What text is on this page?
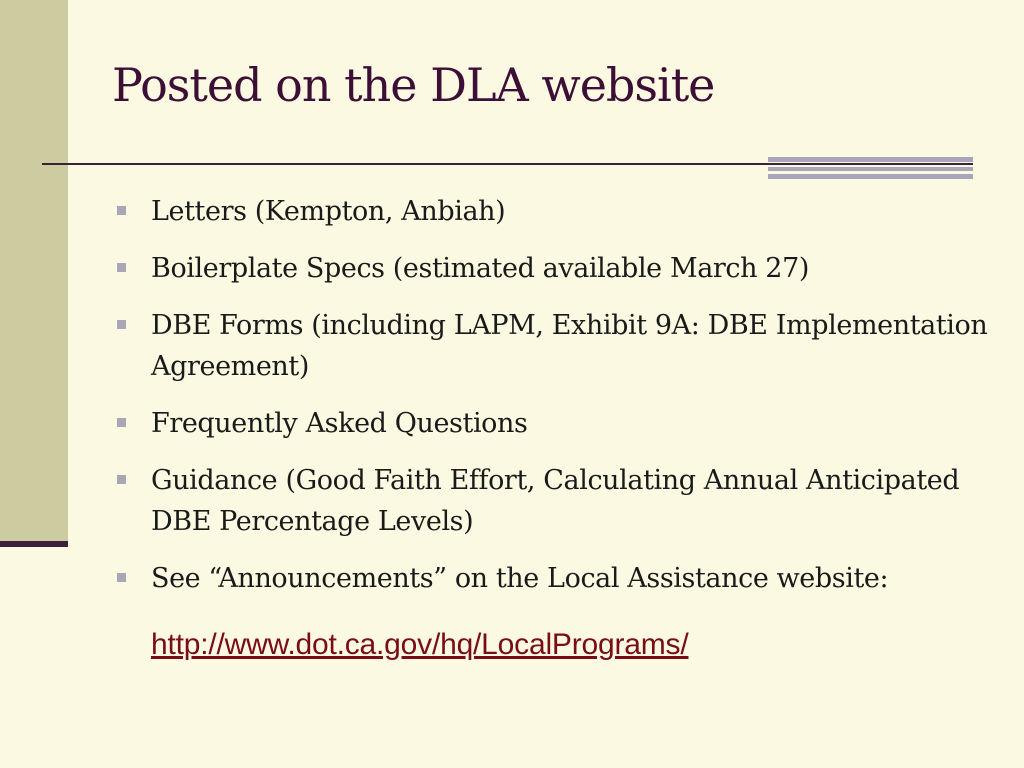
Posted on the DLA website
Letters (Kempton, Anbiah)
Boilerplate Specs (estimated available March 27)
DBE Forms (including LAPM, Exhibit 9A: DBE Implementation Agreement)
Frequently Asked Questions
Guidance (Good Faith Effort, Calculating Annual Anticipated DBE Percentage Levels)
See “Announcements” on the Local Assistance website:
http://www.dot.ca.gov/hq/LocalPrograms/
